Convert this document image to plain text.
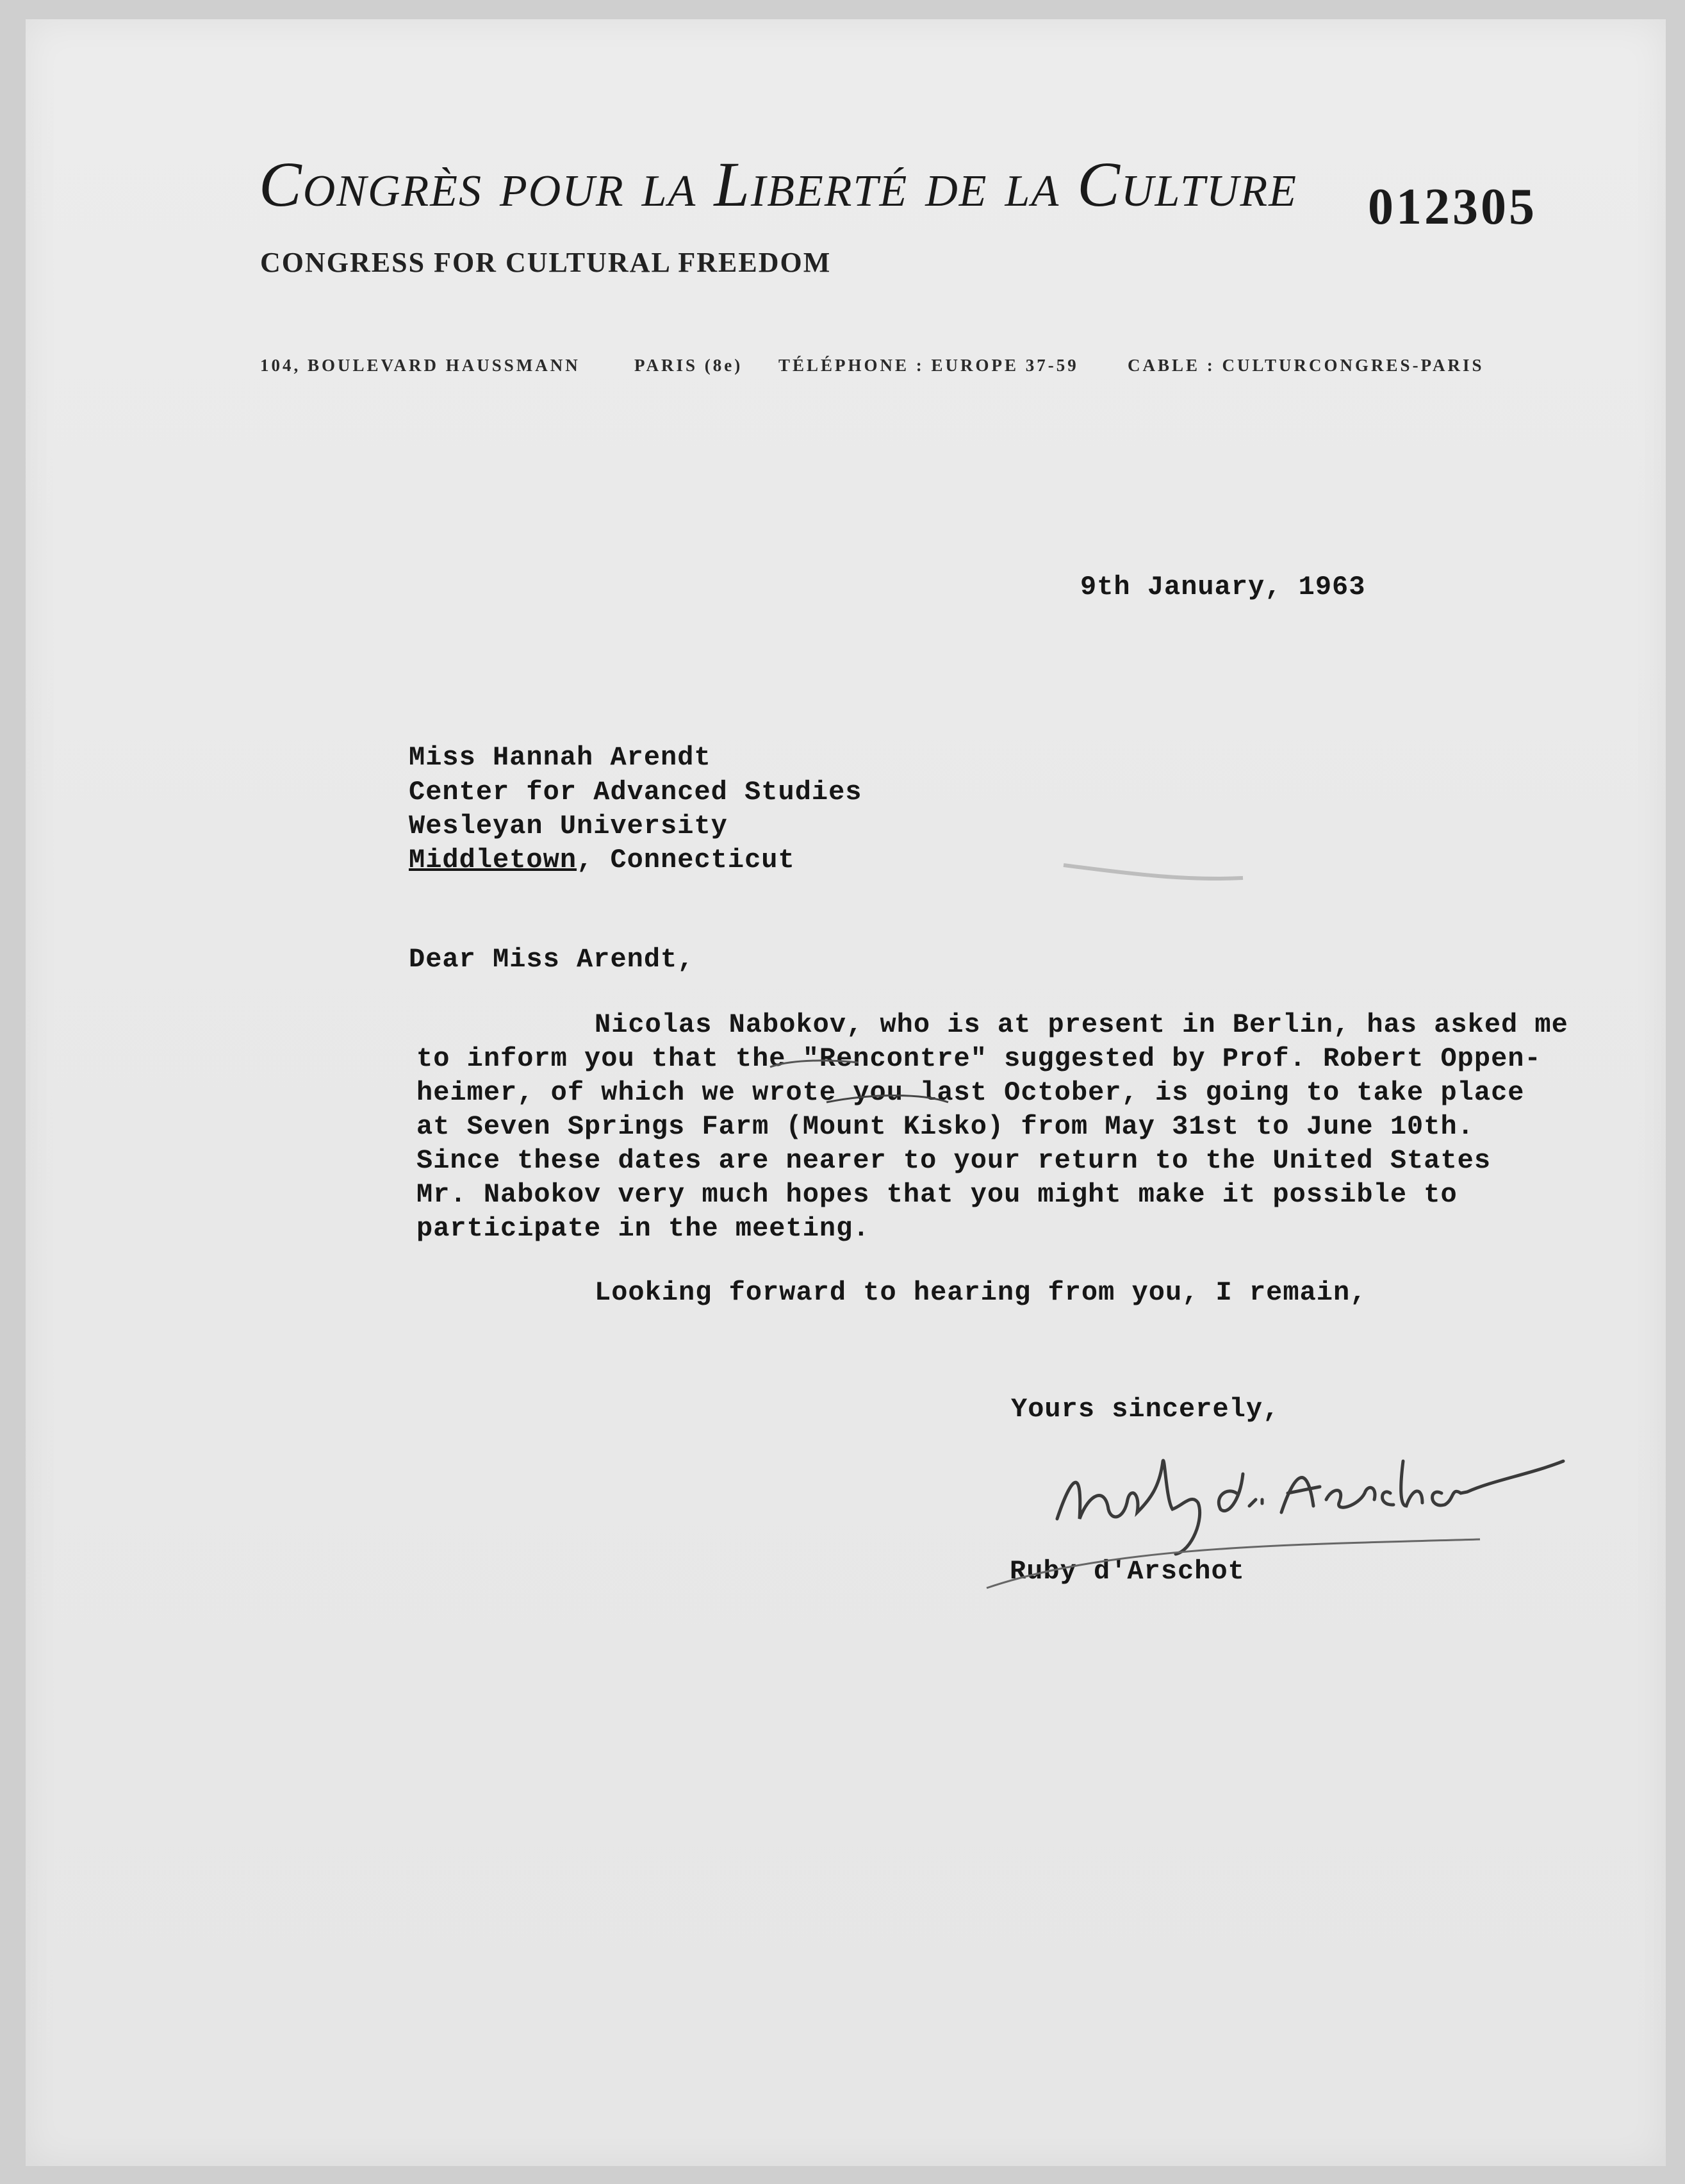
Congrès pour la Liberté de la Culture 012305
CONGRESS FOR CULTURAL FREEDOM
104, BOULEVARD HAUSSMANN	PARIS (8e) TÉLÉPHONE : EUROPE 37-59	CABLE : CULTURCONGRES-PARIS
9th January, 1963
Miss Hannah Arendt
Center for Advanced Studies
Wesleyan University
Middletown, Connecticut
Dear Miss Arendt,
Nicolas Nabokov, who is at present in Berlin, has asked me
to inform you that the "Rencontre" suggested by Prof. Robert Oppen-
heimer, of which we wrote you last October, is going to take place
at Seven Springs Farm (Mount Kisko) from May 31st to June 10th.
Since these dates are nearer to your return to the United States
Mr. Nabokov very much hopes that you might make it possible to
participate in the meeting.
Looking forward to hearing from you, I remain,
Yours sincerely,
Ruby d'Arschot
